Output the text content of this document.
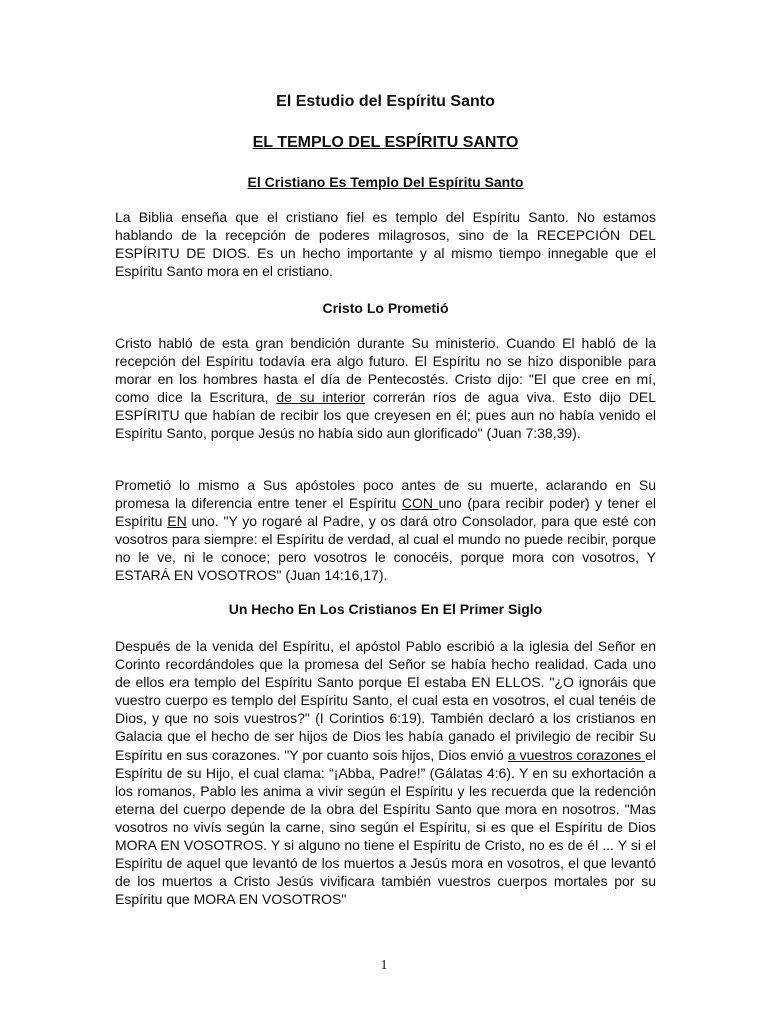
El Estudio del Espíritu Santo
EL TEMPLO DEL ESPÍRITU SANTO
El Cristiano Es Templo Del Espíritu Santo

La Biblia enseña que el cristiano fiel es templo del Espíritu Santo. No estamos hablando de la recepción de poderes milagrosos, sino de la RECEPCIÓN DEL ESPÍRITU DE DIOS. Es un hecho importante y al mismo tiempo innegable que el Espíritu Santo mora en el cristiano.

Cristo Lo Prometió

Cristo habló de esta gran bendición durante Su ministerio. Cuando El habló de la recepción del Espíritu todavía era algo futuro. El Espíritu no se hizo disponible para morar en los hombres hasta el día de Pentecostés. Cristo dijo: "El que cree en mí, como dice la Escritura, de su interior correrán ríos de agua viva. Esto dijo DEL ESPÍRITU que habían de recibir los que creyesen en él; pues aun no había venido el Espíritu Santo, porque Jesús no había sido aun glorificado" (Juan 7:38,39).

Prometió lo mismo a Sus apóstoles poco antes de su muerte, aclarando en Su promesa la diferencia entre tener el Espíritu CON uno (para recibir poder) y tener el Espíritu EN uno. "Y yo rogaré al Padre, y os dará otro Consolador, para que esté con vosotros para siempre: el Espíritu de verdad, al cual el mundo no puede recibir, porque no le ve, ni le conoce; pero vosotros le conocéis, porque mora con vosotros, Y ESTARÁ EN VOSOTROS" (Juan 14:16,17).

Un Hecho En Los Cristianos En El Primer Siglo

Después de la venida del Espíritu, el apóstol Pablo escribió a la iglesia del Señor en Corinto recordándoles que la promesa del Señor se había hecho realidad. Cada uno de ellos era templo del Espíritu Santo porque El estaba EN ELLOS. "¿O ignoráis que vuestro cuerpo es templo del Espíritu Santo, el cual esta en vosotros, el cual tenéis de Dios, y que no sois vuestros?" (I Corintios 6:19). También declaró a los cristianos en Galacia que el hecho de ser hijos de Dios les había ganado el privilegio de recibir Su Espíritu en sus corazones. "Y por cuanto sois hijos, Dios envió a vuestros corazones el Espíritu de su Hijo, el cual clama: “¡Abba, Padre!” (Gálatas 4:6). Y en su exhortación a los romanos, Pablo les anima a vivir según el Espíritu y les recuerda que la redención eterna del cuerpo depende de la obra del Espíritu Santo que mora en nosotros. "Mas vosotros no vivís según la carne, sino según el Espíritu, si es que el Espíritu de Dios MORA EN VOSOTROS. Y si alguno no tiene el Espíritu de Cristo, no es de él ... Y si el Espíritu de aquel que levantó de los muertos a Jesús mora en vosotros, el que levantó de los muertos a Cristo Jesús vivificara también vuestros cuerpos mortales por su Espíritu que MORA EN VOSOTROS"

1
